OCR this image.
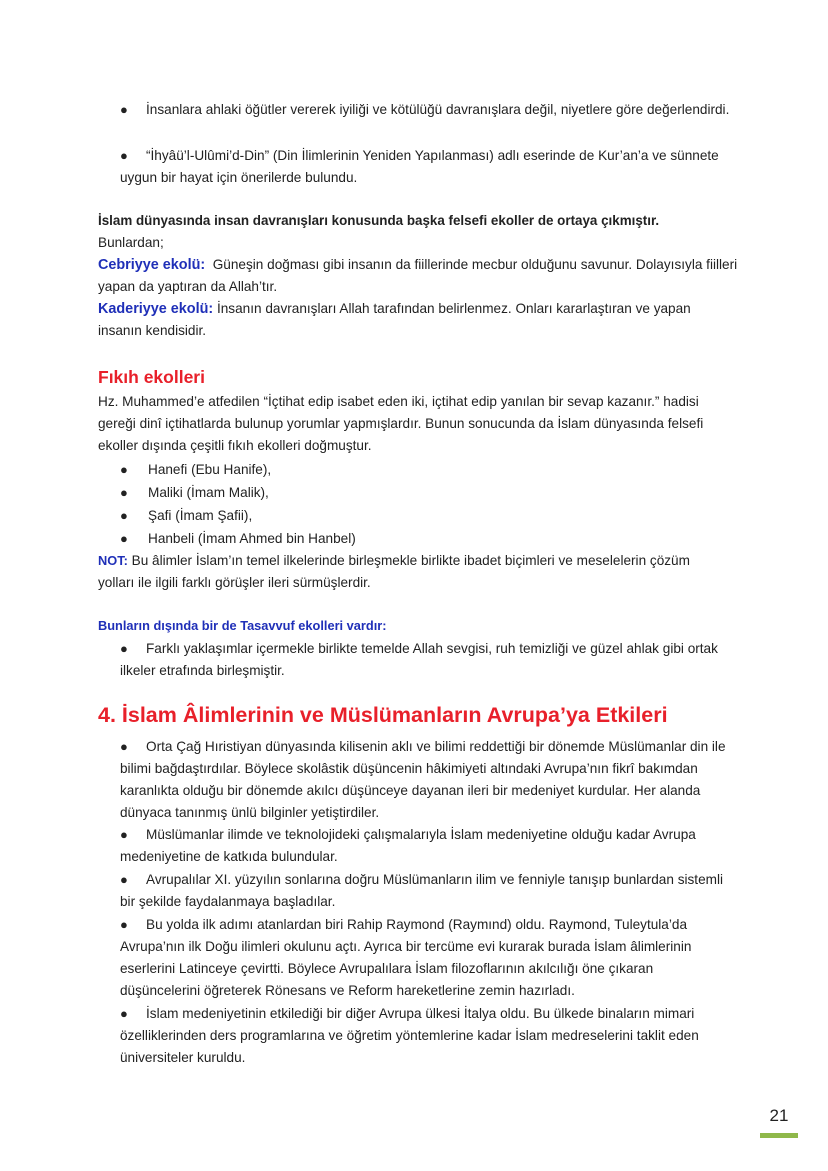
●	İnsanlara ahlaki öğütler vererek iyiliği ve kötülüğü davranışlara değil, niyetlere göre değerlendirdi.
●	“İhyâü’l-Ulûmi’d-Din” (Din İlimlerinin Yeniden Yapılanması) adlı eserinde de Kur’an’a ve sünnete uygun bir hayat için önerilerde bulundu.
İslam dünyasında insan davranışları konusunda başka felsefi ekoller de ortaya çıkmıştır.
Bunlardan;
Cebriyye ekolü: Güneşin doğması gibi insanın da fiillerinde mecbur olduğunu savunur. Dolayısıyla fiilleri yapan da yaptıran da Allah’tır.
Kaderiyye ekolü: İnsanın davranışları Allah tarafından belirlenmez. Onları kararlaştıran ve yapan insanın kendisidir.
Fıkıh ekolleri
Hz. Muhammed’e atfedilen “İçtihat edip isabet eden iki, içtihat edip yanılan bir sevap kazanır.” hadisi gereği dinî içtihatlarda bulunup yorumlar yapmışlardır. Bunun sonucunda da İslam dünyasında felsefi ekoller dışında çeşitli fıkıh ekolleri doğmuştur.
●	Hanefi (Ebu Hanife),
●	Maliki (İmam Malik),
●	Şafi (İmam Şafii),
●	Hanbeli (İmam Ahmed bin Hanbel)
NOT: Bu âlimler İslam’ın temel ilkelerinde birleşmekle birlikte ibadet biçimleri ve meselelerin çözüm yolları ile ilgili farklı görüşler ileri sürmüşlerdir.
Bunların dışında bir de Tasavvuf ekolleri vardır:
●	Farklı yaklaşımlar içermekle birlikte temelde Allah sevgisi, ruh temizliği ve güzel ahlak gibi ortak ilkeler etrafında birleşmiştir.
4. İslam Âlimlerinin ve Müslümanların Avrupa’ya Etkileri
●	Orta Çağ Hıristiyan dünyasında kilisenin aklı ve bilimi reddettiği bir dönemde Müslümanlar din ile bilimi bağdaştırdılar. Böylece skolâstik düşüncenin hâkimiyeti altındaki Avrupa’nın fikrî bakımdan karanlıkta olduğu bir dönemde akılcı düşünceye dayanan ileri bir medeniyet kurdular. Her alanda dünyaca tanınmış ünlü bilginler yetiştirdiler.
●	Müslümanlar ilimde ve teknolojideki çalışmalarıyla İslam medeniyetine olduğu kadar Avrupa medeniyetine de katkıda bulundular.
●	Avrupalılar XI. yüzyılın sonlarına doğru Müslümanların ilim ve fenniyle tanışıp bunlardan sistemli bir şekilde faydalanmaya başladılar.
●	Bu yolda ilk adımı atanlardan biri Rahip Raymond (Raymınd) oldu. Raymond, Tuleytula’da Avrupa’nın ilk Doğu ilimleri okulunu açtı. Ayrıca bir tercüme evi kurarak burada İslam âlimlerinin eserlerini Latinceye çevirtti. Böylece Avrupalılara İslam filozoflarının akılcılığı öne çıkaran düşüncelerini öğreterek Rönesans ve Reform hareketlerine zemin hazırladı.
●	İslam medeniyetinin etkilediği bir diğer Avrupa ülkesi İtalya oldu. Bu ülkede binaların mimari özelliklerinden ders programlarına ve öğretim yöntemlerine kadar İslam medreselerini taklit eden üniversiteler kuruldu.
21
